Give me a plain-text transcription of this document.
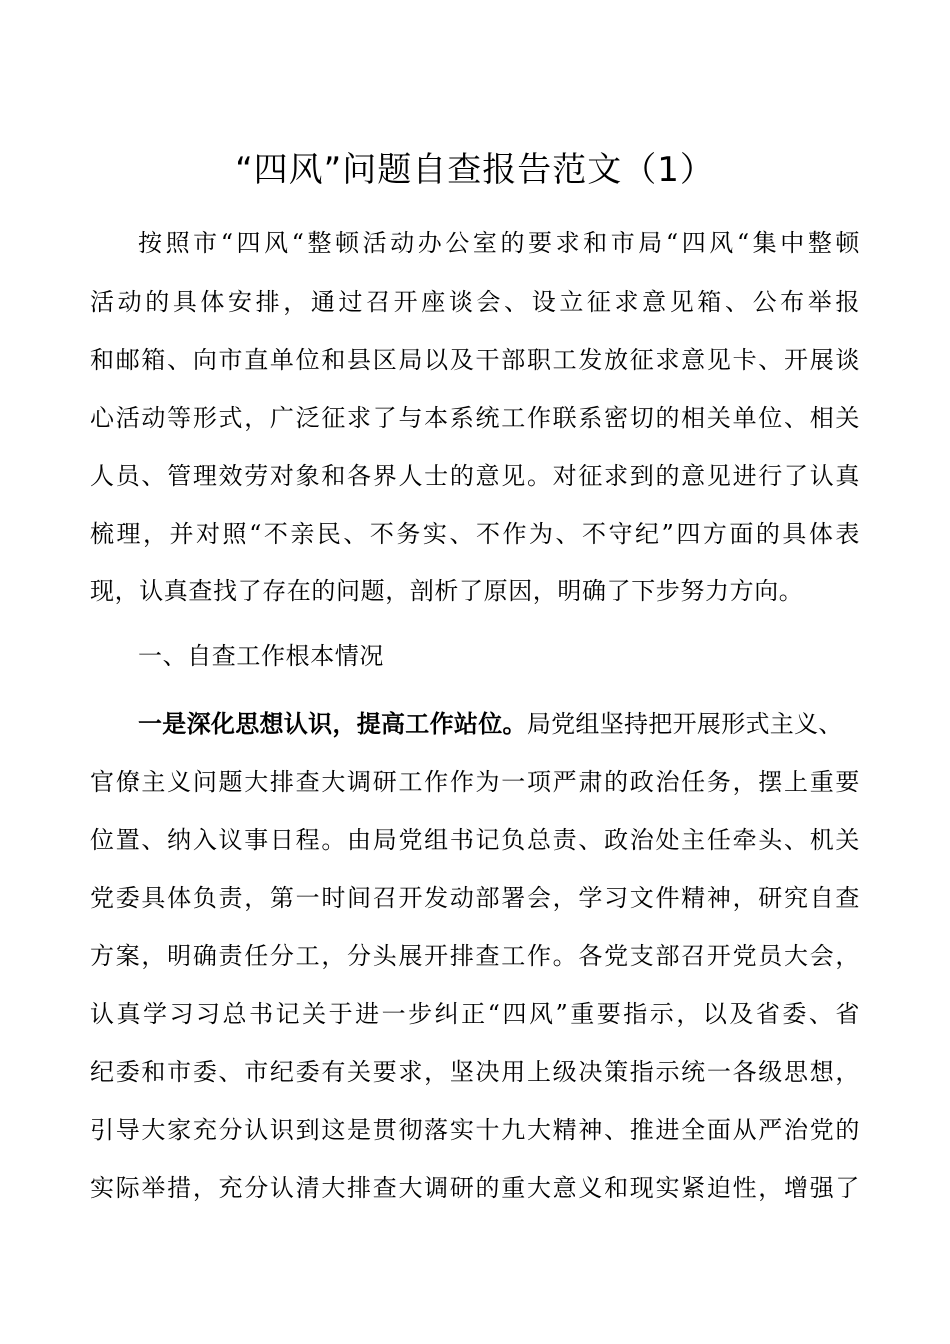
“四风”问题自查报告范文（1）
按照市“四风“整顿活动办公室的要求和市局“四风“集中整顿
活动的具体安排，通过召开座谈会、设立征求意见箱、公布举报
和邮箱、向市直单位和县区局以及干部职工发放征求意见卡、开展谈
心活动等形式，广泛征求了与本系统工作联系密切的相关单位、相关
人员、管理效劳对象和各界人士的意见。对征求到的意见进行了认真
梳理，并对照“不亲民、不务实、不作为、不守纪”四方面的具体表
现，认真查找了存在的问题，剖析了原因，明确了下步努力方向。
一、自查工作根本情况
一是深化思想认识，提高工作站位。局党组坚持把开展形式主义、
官僚主义问题大排查大调研工作作为一项严肃的政治任务，摆上重要
位置、纳入议事日程。由局党组书记负总责、政治处主任牵头、机关
党委具体负责，第一时间召开发动部署会，学习文件精神，研究自查
方案，明确责任分工，分头展开排查工作。各党支部召开党员大会，
认真学习习总书记关于进一步纠正“四风”重要指示，以及省委、省
纪委和市委、市纪委有关要求，坚决用上级决策指示统一各级思想，
引导大家充分认识到这是贯彻落实十九大精神、推进全面从严治党的
实际举措，充分认清大排查大调研的重大意义和现实紧迫性，增强了
